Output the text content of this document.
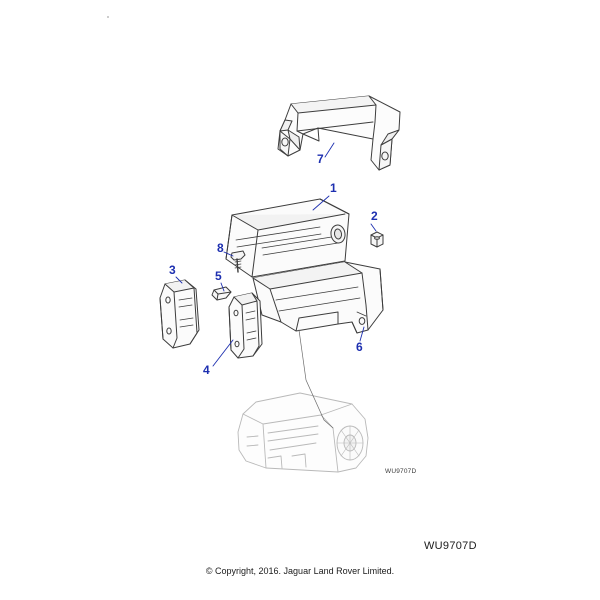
1
2
3
4
5
6
7
8
WU9707D
WU9707D
© Copyright, 2016. Jaguar Land Rover Limited.
